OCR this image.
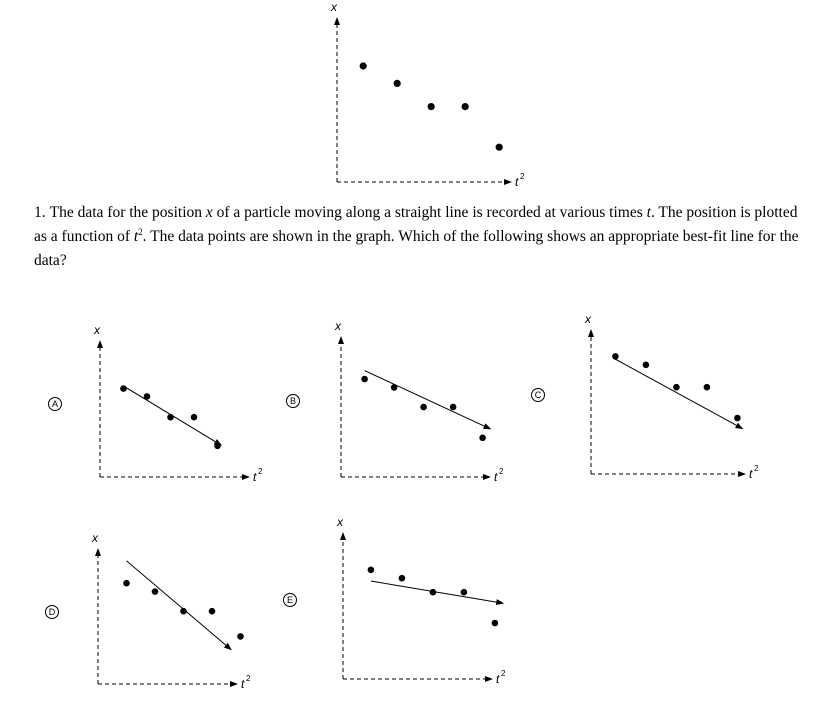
x
t 2

1. The data for the position x of a particle moving along a straight line is recorded at various times t. The position is plotted as a function of $t^2$. The data points are shown in the graph. Which of the following shows an appropriate best-fit line for the data?

A
x
t 2
B
x
t 2
C
x
t 2
D
x
t 2
E
x
t 2
